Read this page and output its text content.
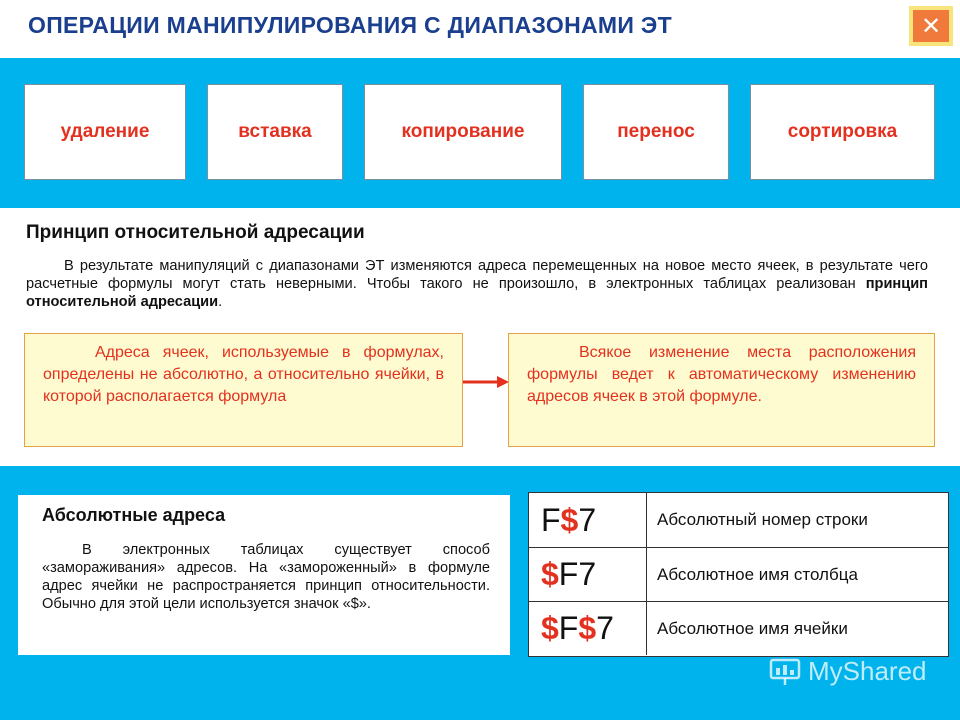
ОПЕРАЦИИ МАНИПУЛИРОВАНИЯ С ДИАПАЗОНАМИ ЭТ	✕
удаление	вставка	копирование	перенос	сортировка
Принцип относительной адресации
В результате манипуляций с диапазонами ЭТ изменяются адреса перемещенных на новое место ячеек, в результате чего расчетные формулы могут стать неверными. Чтобы такого не произошло, в электронных таблицах реализован принцип относительной адресации.
Адреса ячеек, используемые в формулах, определены не абсолютно, а относительно ячейки, в которой располагается формула
Всякое изменение места расположения формулы ведет к автоматическому изменению адресов ячеек в этой формуле.
Абсолютные адреса
В электронных таблицах существует способ «замораживания» адресов. На «замороженный» в формуле адрес ячейки не распространяется принцип относительности. Обычно для этой цели используется значок «$».
F $ 7	Абсолютный номер строки
$ F 7	Абсолютное имя столбца
$ F $ 7	Абсолютное имя ячейки
MyShared
